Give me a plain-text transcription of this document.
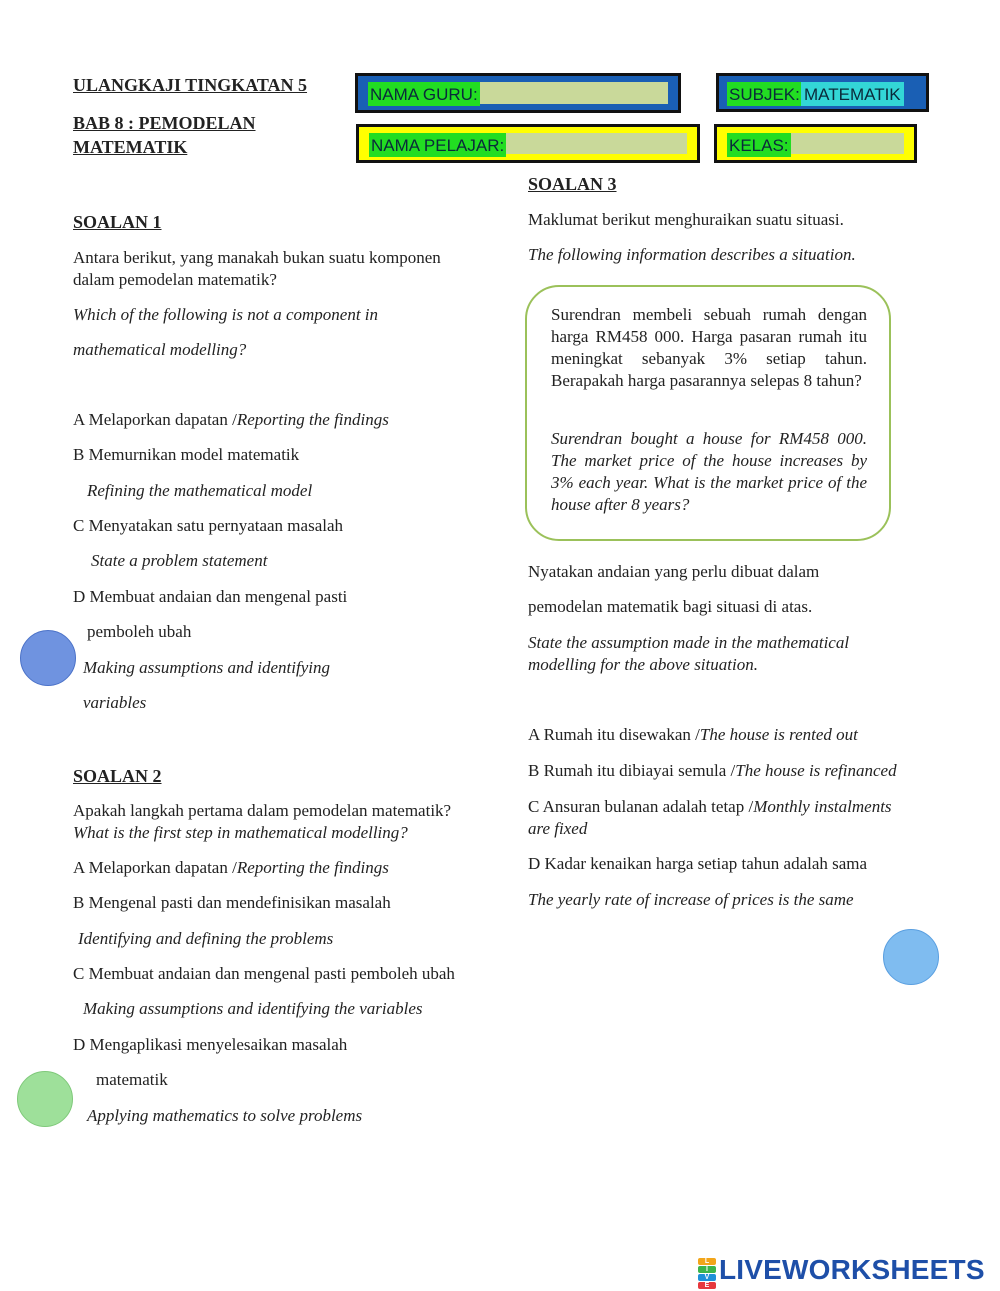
ULANGKAJI TINGKATAN 5
BAB 8 : PEMODELAN
MATEMATIK
NAMA GURU:	SUBJEK: MATEMATIK
NAMA PELAJAR:	KELAS:
SOALAN 1
Antara berikut, yang manakah bukan suatu komponen
dalam pemodelan matematik?
Which of the following is not a component in
mathematical modelling?
A Melaporkan dapatan /Reporting the findings
B Memurnikan model matematik
Refining the mathematical model
C Menyatakan satu pernyataan masalah
State a problem statement
D Membuat andaian dan mengenal pasti
pemboleh ubah
Making assumptions and identifying
variables
SOALAN 2
Apakah langkah pertama dalam pemodelan matematik?
What is the first step in mathematical modelling?
A Melaporkan dapatan /Reporting the findings
B Mengenal pasti dan mendefinisikan masalah
Identifying and defining the problems
C Membuat andaian dan mengenal pasti pemboleh ubah
Making assumptions and identifying the variables
D Mengaplikasi menyelesaikan masalah
matematik
Applying mathematics to solve problems
SOALAN 3
Maklumat berikut menghuraikan suatu situasi.
The following information describes a situation.

Surendran membeli sebuah rumah dengan harga RM458 000. Harga pasaran rumah itu meningkat sebanyak 3% setiap tahun. Berapakah harga pasarannya selepas 8 tahun?

Surendran bought a house for RM458 000. The market price of the house increases by 3% each year. What is the market price of the house after 8 years?

Nyatakan andaian yang perlu dibuat dalam
pemodelan matematik bagi situasi di atas.
State the assumption made in the mathematical
modelling for the above situation.
A Rumah itu disewakan /The house is rented out
B Rumah itu dibiayai semula /The house is refinanced
C Ansuran bulanan adalah tetap /Monthly instalments
are fixed
D Kadar kenaikan harga setiap tahun adalah sama
The yearly rate of increase of prices is the same
L
I
V
E LIVEWORKSHEETS
